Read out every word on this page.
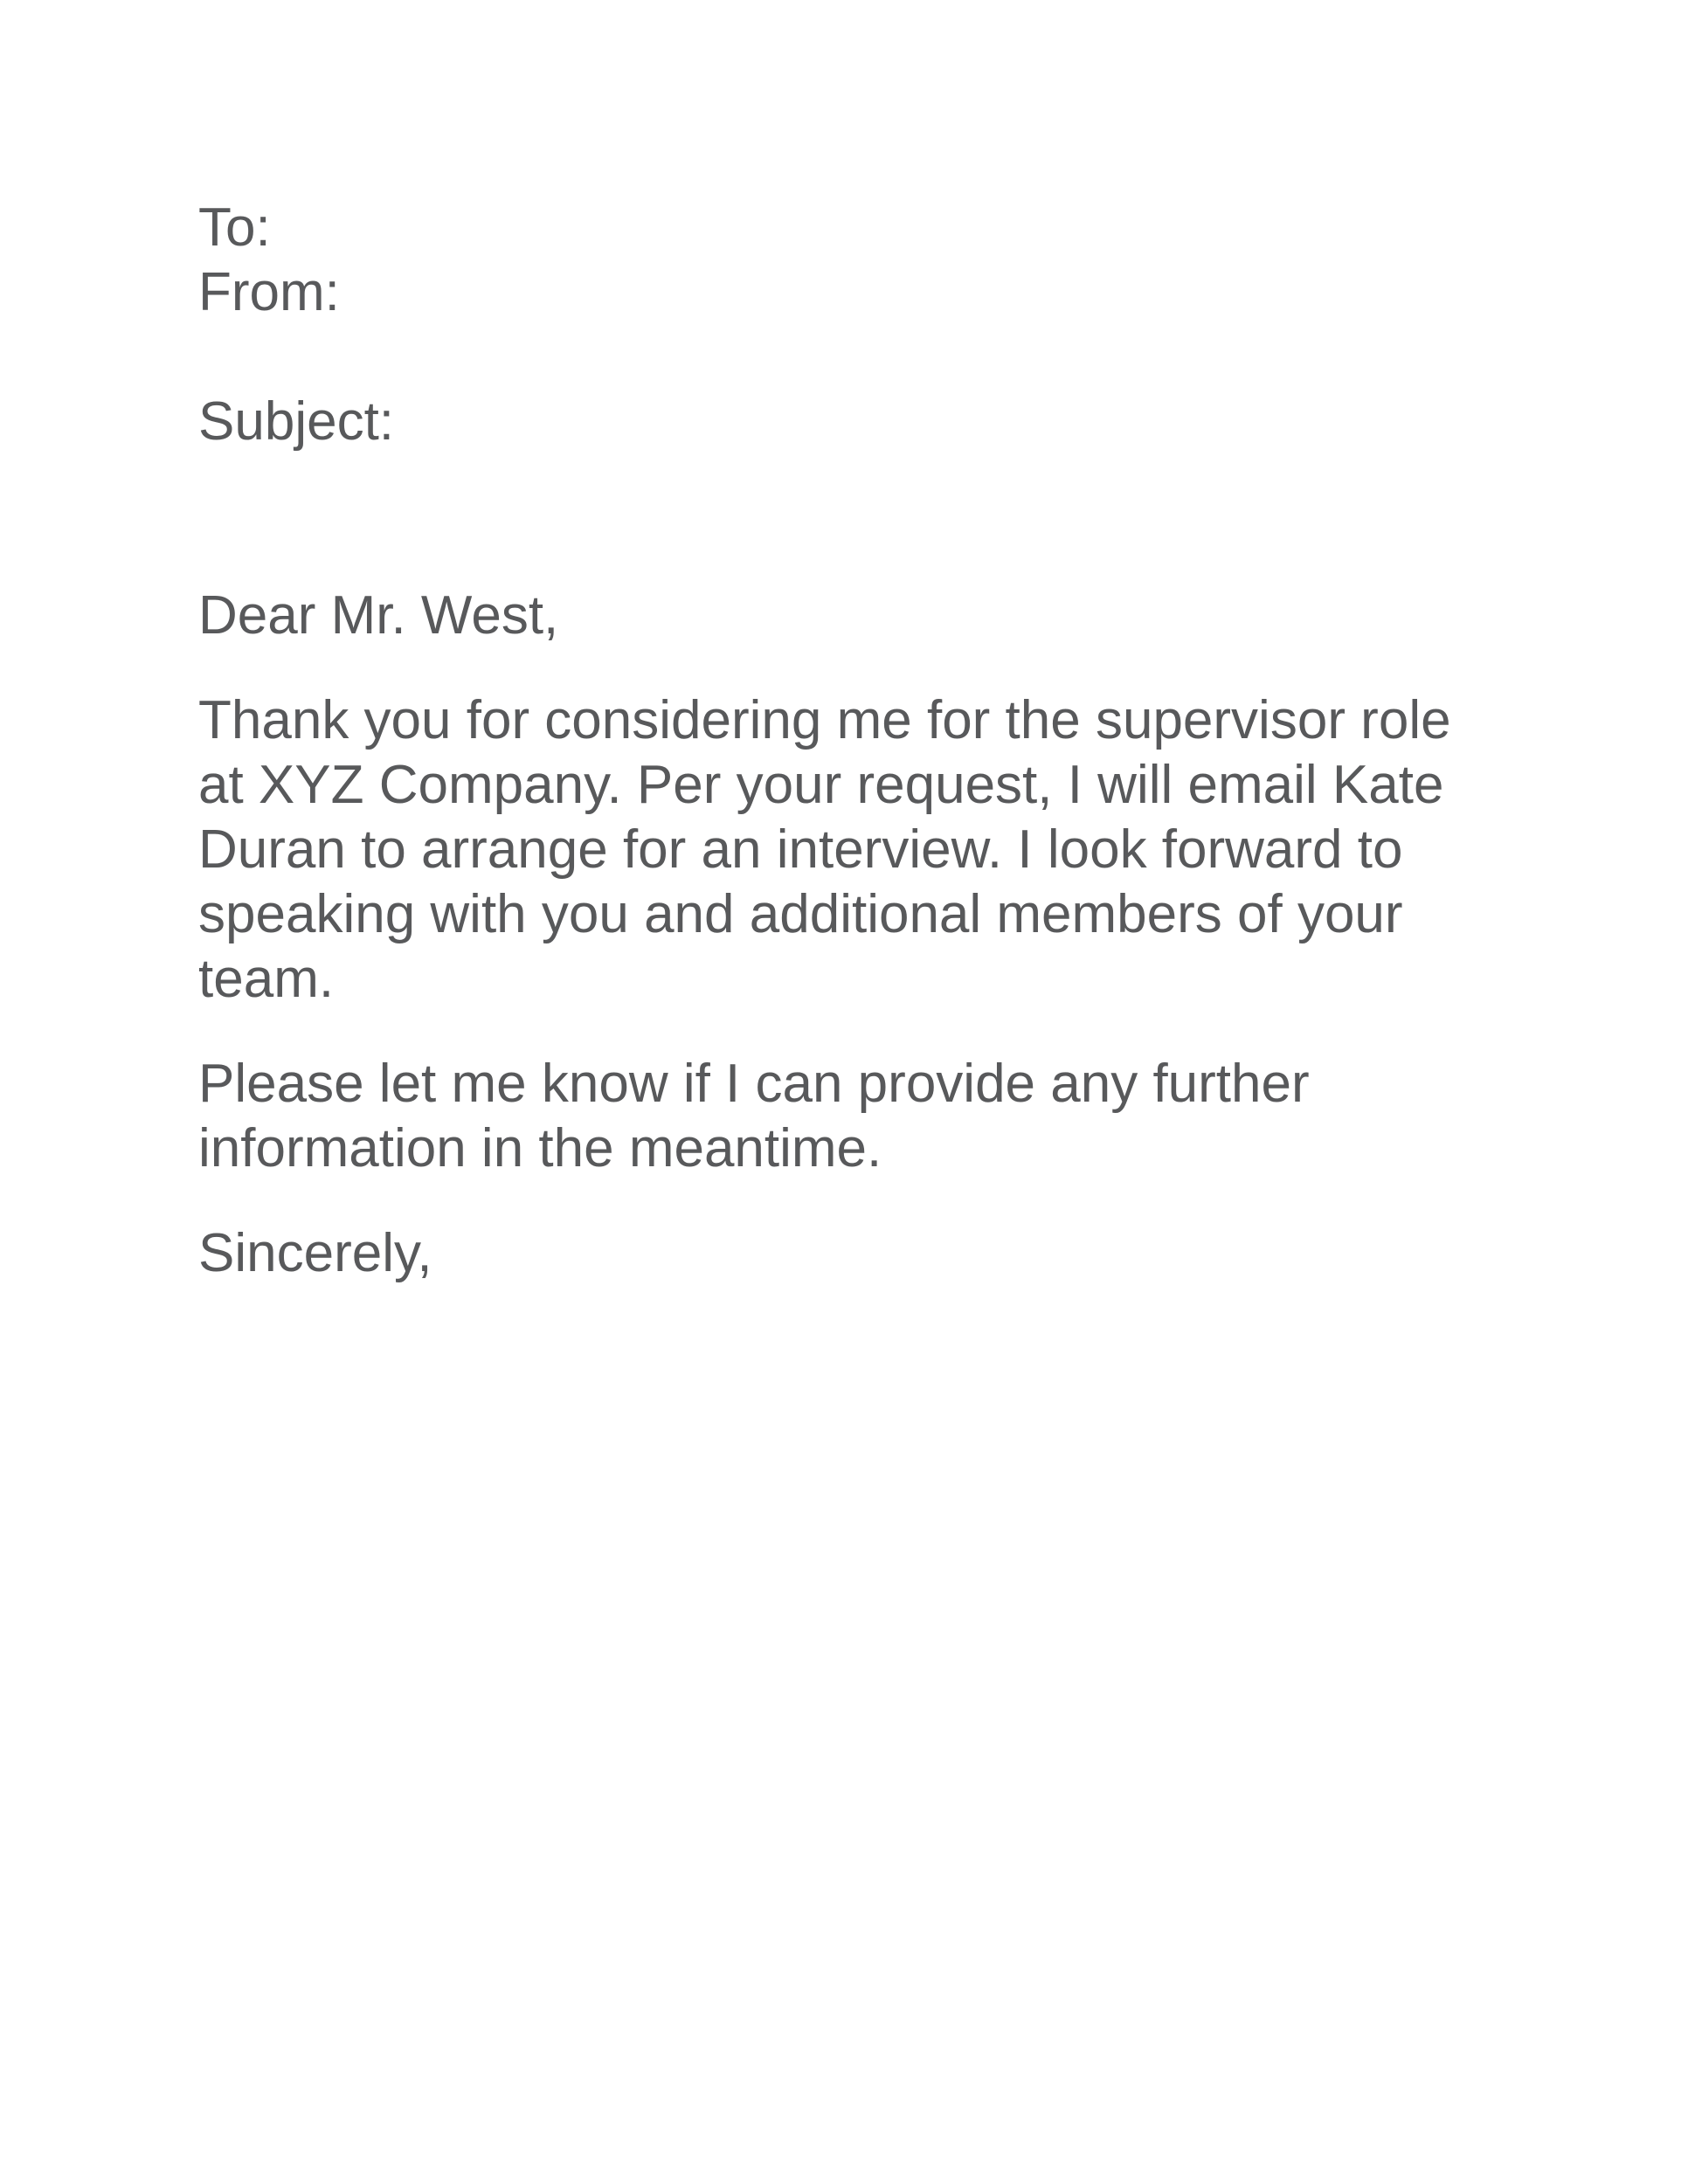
To:
From:
Subject:
Dear Mr. West,
Thank you for considering me for the supervisor role
at XYZ Company. Per your request, I will email Kate
Duran to arrange for an interview. I look forward to
speaking with you and additional members of your
team.
Please let me know if I can provide any further
information in the meantime.
Sincerely,
